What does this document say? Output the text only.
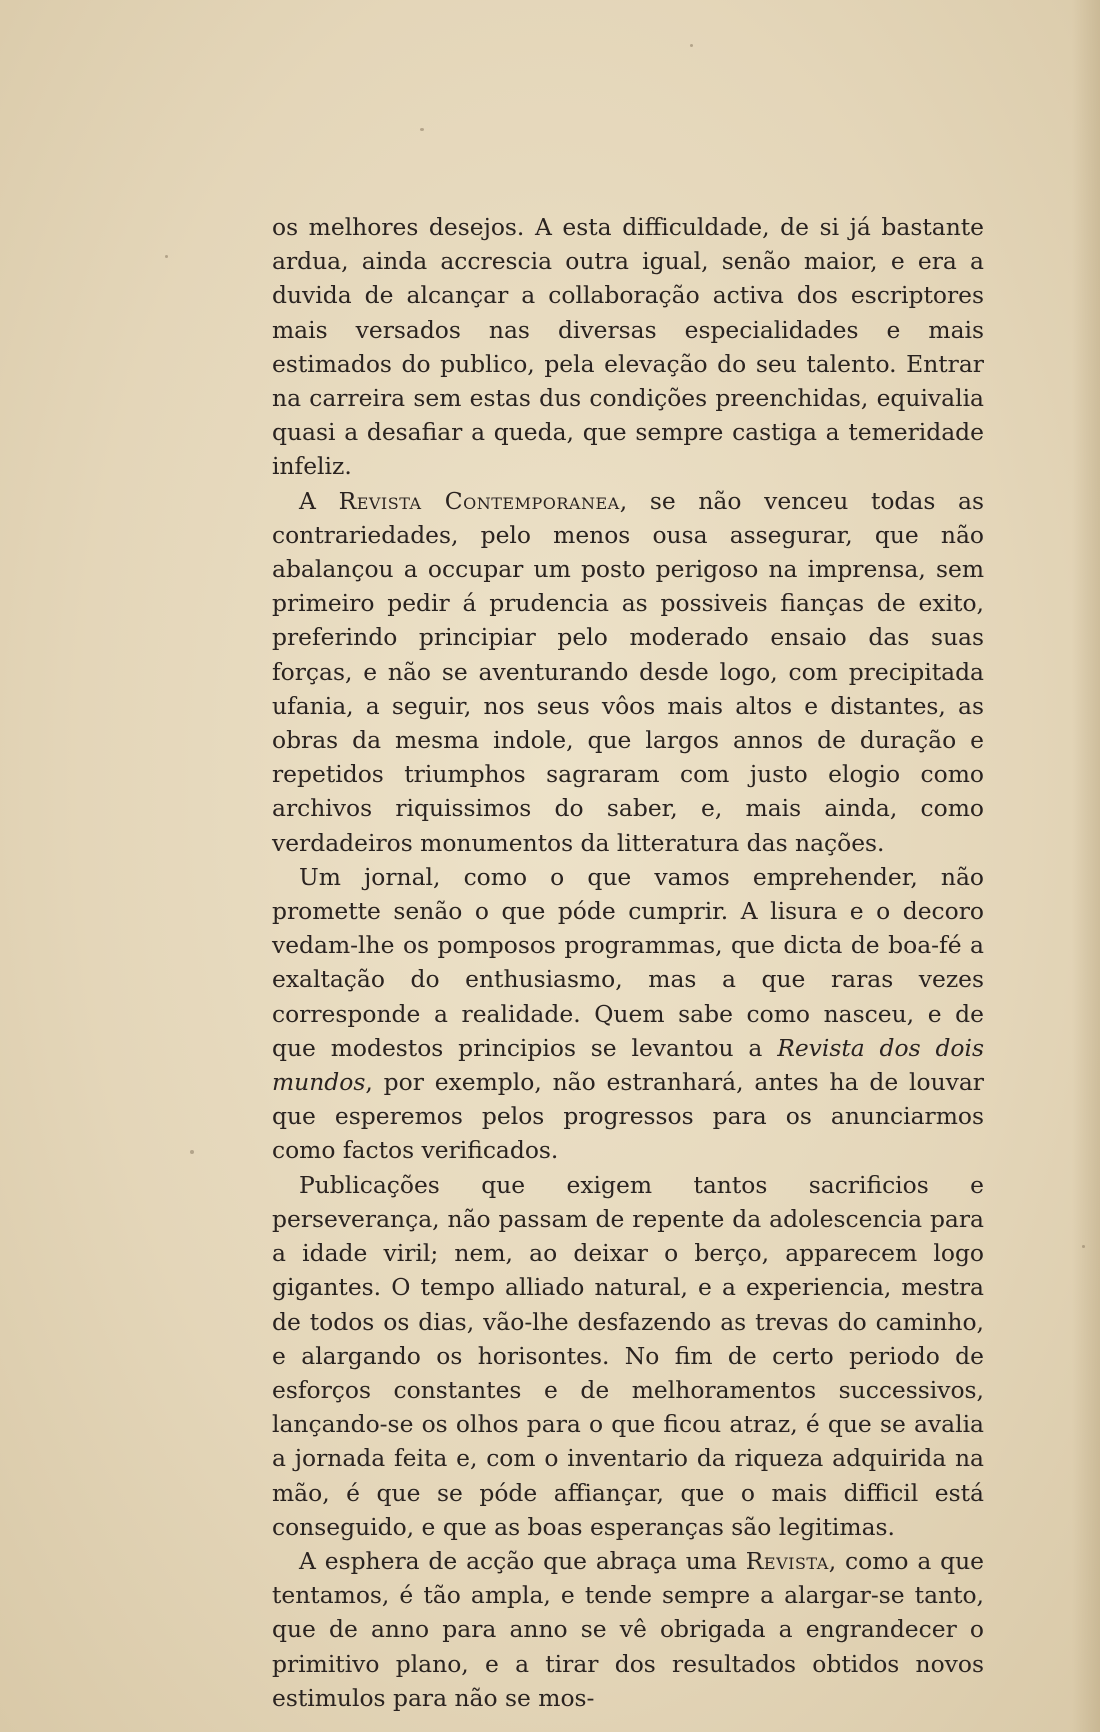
os melhores desejos. A esta difficuldade, de si já bastante ardua, ainda accrescia outra igual, senão maior, e era a duvida de alcançar a collaboração activa dos escriptores mais versados nas diversas especialidades e mais estimados do publico, pela elevação do seu talento. Entrar na carreira sem estas dus condições preenchidas, equivalia quasi a desafiar a queda, que sempre castiga a temeridade infeliz.

A Revista Contemporanea, se não venceu todas as contrariedades, pelo menos ousa assegurar, que não abalançou a occupar um posto perigoso na imprensa, sem primeiro pedir á prudencia as possiveis fianças de exito, preferindo principiar pelo moderado ensaio das suas forças, e não se aventurando desde logo, com precipitada ufania, a seguir, nos seus vôos mais altos e distantes, as obras da mesma indole, que largos annos de duração e repetidos triumphos sagraram com justo elogio como archivos riquissimos do saber, e, mais ainda, como verdadeiros monumentos da litteratura das nações.

Um jornal, como o que vamos emprehender, não promette senão o que póde cumprir. A lisura e o decoro vedam-lhe os pomposos programmas, que dicta de boa-fé a exaltação do enthusiasmo, mas a que raras vezes corresponde a realidade. Quem sabe como nasceu, e de que modestos principios se levantou a Revista dos dois mundos, por exemplo, não estranhará, antes ha de louvar que esperemos pelos progressos para os anunciarmos como factos verificados.

Publicações que exigem tantos sacrificios e perseverança, não passam de repente da adolescencia para a idade viril; nem, ao deixar o berço, apparecem logo gigantes. O tempo alliado natural, e a experiencia, mestra de todos os dias, vão-lhe desfazendo as trevas do caminho, e alargando os horisontes. No fim de certo periodo de esforços constantes e de melhoramentos successivos, lançando-se os olhos para o que ficou atraz, é que se avalia a jornada feita e, com o inventario da riqueza adquirida na mão, é que se póde affiançar, que o mais difficil está conseguido, e que as boas esperanças são legitimas.

A esphera de acção que abraça uma Revista, como a que tentamos, é tão ampla, e tende sempre a alargar-se tanto, que de anno para anno se vê obrigada a engrandecer o primitivo plano, e a tirar dos resultados obtidos novos estimulos para não se mos-
